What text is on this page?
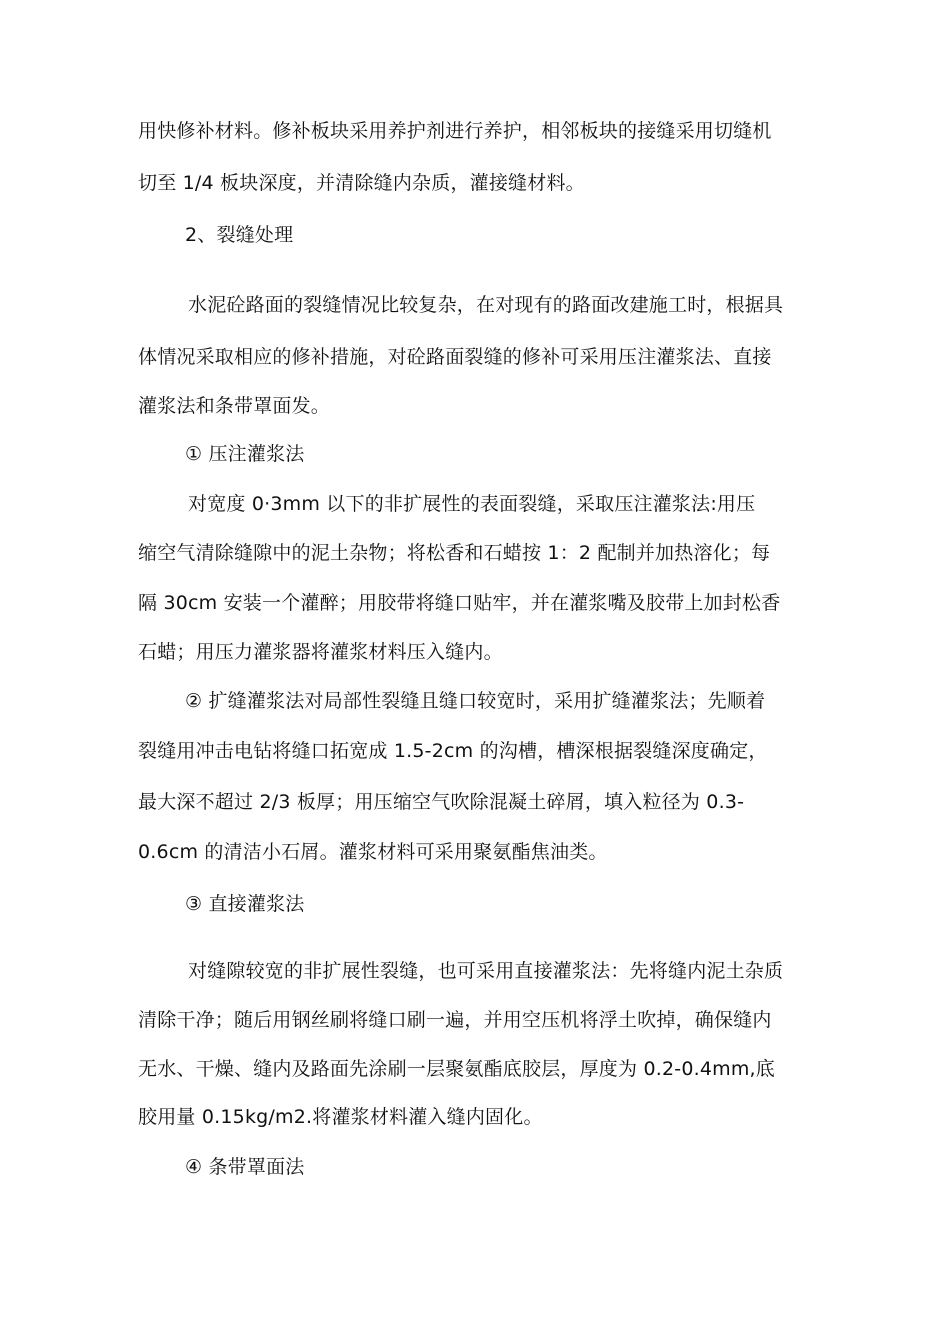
用快修补材料。修补板块采用养护剂进行养护，相邻板块的接缝采用切缝机
切至 1/4 板块深度，并清除缝内杂质，灌接缝材料。
2、裂缝处理
水泥砼路面的裂缝情况比较复杂，在对现有的路面改建施工时，根据具
体情况采取相应的修补措施，对砼路面裂缝的修补可采用压注灌浆法、直接
灌浆法和条带罩面发。
① 压注灌浆法
对宽度 0·3mm 以下的非扩展性的表面裂缝，采取压注灌浆法:用压
缩空气清除缝隙中的泥土杂物；将松香和石蜡按 1：2 配制并加热溶化；每
隔 30cm 安装一个灌醉；用胶带将缝口贴牢，并在灌浆嘴及胶带上加封松香
石蜡；用压力灌浆器将灌浆材料压入缝内。
② 扩缝灌浆法对局部性裂缝且缝口较宽时，采用扩缝灌浆法；先顺着
裂缝用冲击电钻将缝口拓宽成 1.5-2cm 的沟槽，槽深根据裂缝深度确定，
最大深不超过 2/3 板厚；用压缩空气吹除混凝土碎屑，填入粒径为 0.3-
0.6cm 的清洁小石屑。灌浆材料可采用聚氨酯焦油类。
③ 直接灌浆法
对缝隙较宽的非扩展性裂缝，也可采用直接灌浆法：先将缝内泥土杂质
清除干净；随后用钢丝刷将缝口刷一遍，并用空压机将浮土吹掉，确保缝内
无水、干燥、缝内及路面先涂刷一层聚氨酯底胶层，厚度为 0.2-0.4mm,底
胶用量 0.15kg/m2.将灌浆材料灌入缝内固化。
④ 条带罩面法
